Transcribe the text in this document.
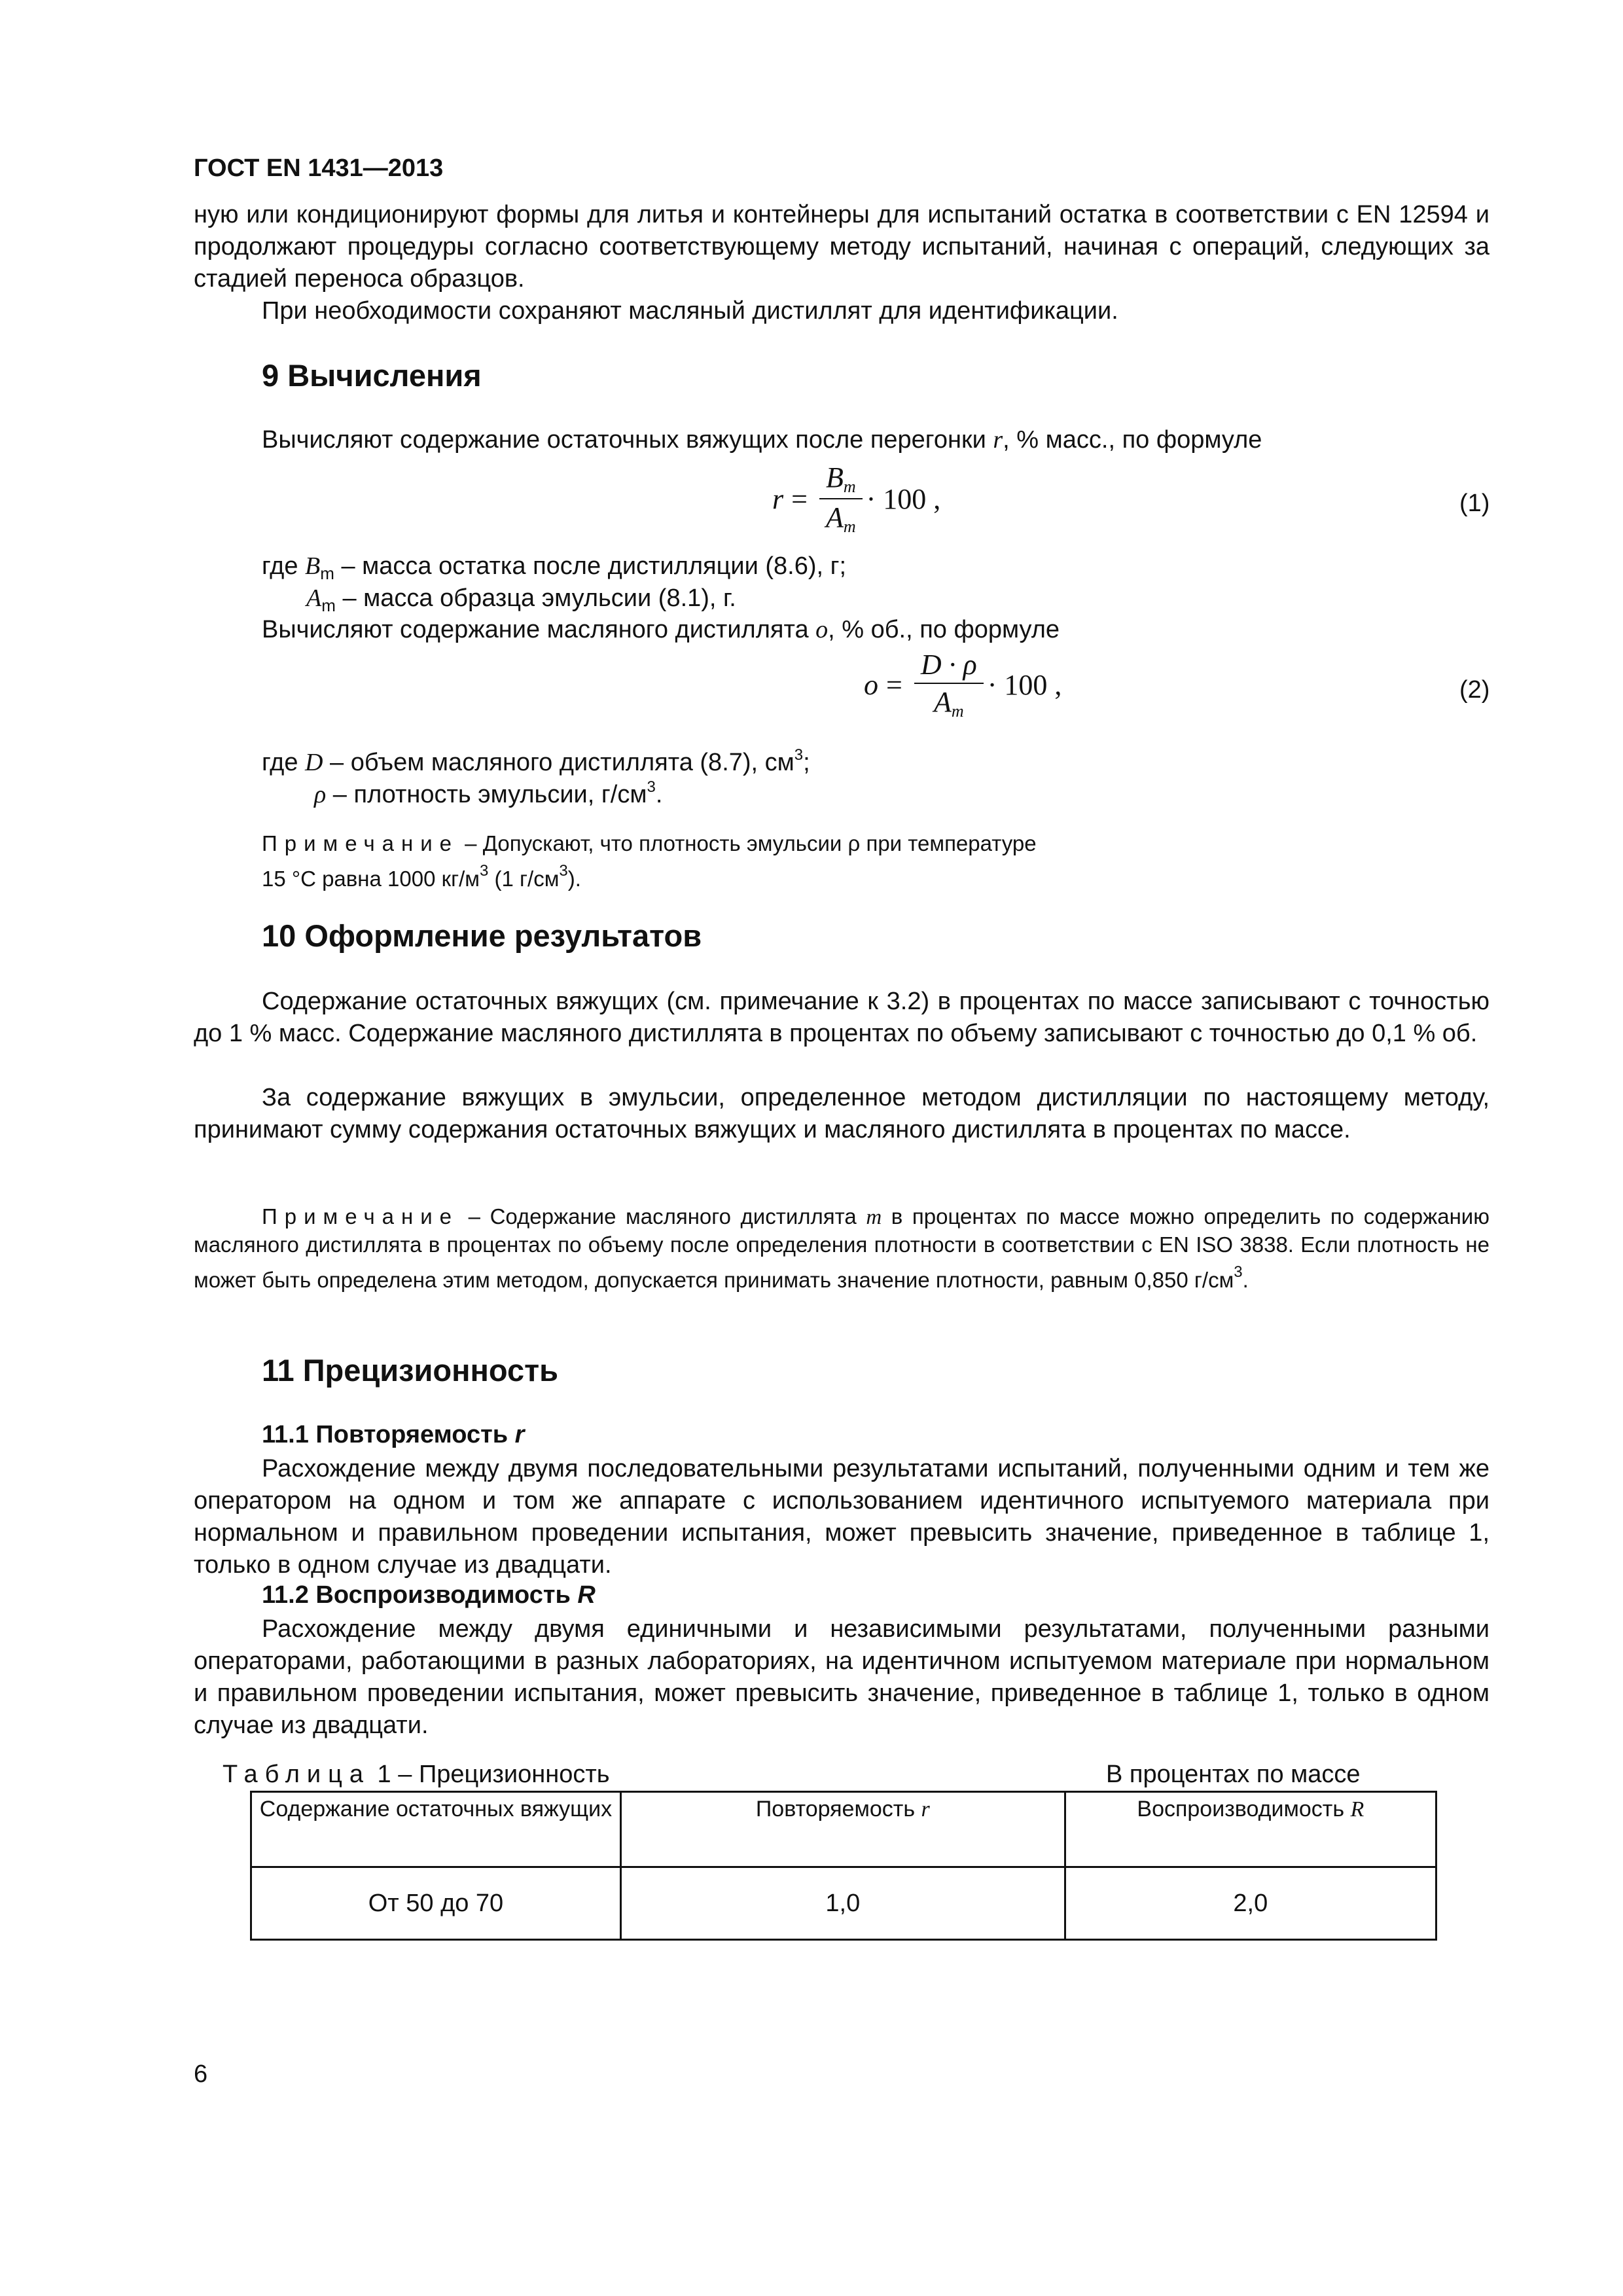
ГОСТ EN 1431—2013

ную или кондиционируют формы для литья и контейнеры для испытаний остатка в соответствии с EN 12594 и продолжают процедуры согласно соответствующему методу испытаний, начиная с операций, следующих за стадией переноса образцов.

При необходимости сохраняют масляный дистиллят для идентификации.

9 Вычисления

Вычисляют содержание остаточных вяжущих после перегонки r, % масс., по формуле

$r = \frac{B_m}{A_m} \cdot 100$ ,	(1)
где $B_m$ – масса остатка после дистилляции (8.6), г;
$A_m$ – масса образца эмульсии (8.1), г.

Вычисляют содержание масляного дистиллята o, % об., по формуле

$o = \frac{D \cdot \rho}{A_m} \cdot 100$ ,	(2)
где D – объем масляного дистиллята (8.7), $см^3$;
ρ – плотность эмульсии, $г/см^3$.
Примечание – Допускают, что плотность эмульсии ρ при температуре
15 °С равна 1000 $кг/м^3$ (1 $г/см^3$).
10 Оформление результатов

Содержание остаточных вяжущих (см. примечание к 3.2) в процентах по массе записывают с точностью до 1 % масс. Содержание масляного дистиллята в процентах по объему записывают с точностью до 0,1 % об.

За содержание вяжущих в эмульсии, определенное методом дистилляции по настоящему методу, принимают сумму содержания остаточных вяжущих и масляного дистиллята в процентах по массе.

Примечание – Содержание масляного дистиллята m в процентах по массе можно определить по содержанию масляного дистиллята в процентах по объему после определения плотности в соответствии с EN ISO 3838. Если плотность не может быть определена этим методом, допускается принимать значение плотности, равным 0,850 $г/см^3$.

11 Прецизионность
11.1 Повторяемость r

Расхождение между двумя последовательными результатами испытаний, полученными одним и тем же оператором на одном и том же аппарате с использованием идентичного испытуемого материала при нормальном и правильном проведении испытания, может превысить значение, приведенное в таблице 1, только в одном случае из двадцати.

11.2 Воспроизводимость R

Расхождение между двумя единичными и независимыми результатами, полученными разными операторами, работающими в разных лабораториях, на идентичном испытуемом материале при нормальном и правильном проведении испытания, может превысить значение, приведенное в таблице 1, только в одном случае из двадцати.

Таблица 1 – Прецизионность	В процентах по массе
Содержание остаточных вяжущих	Повторяемость r	Воспроизводимость R
От 50 до 70	1,0	2,0
6
